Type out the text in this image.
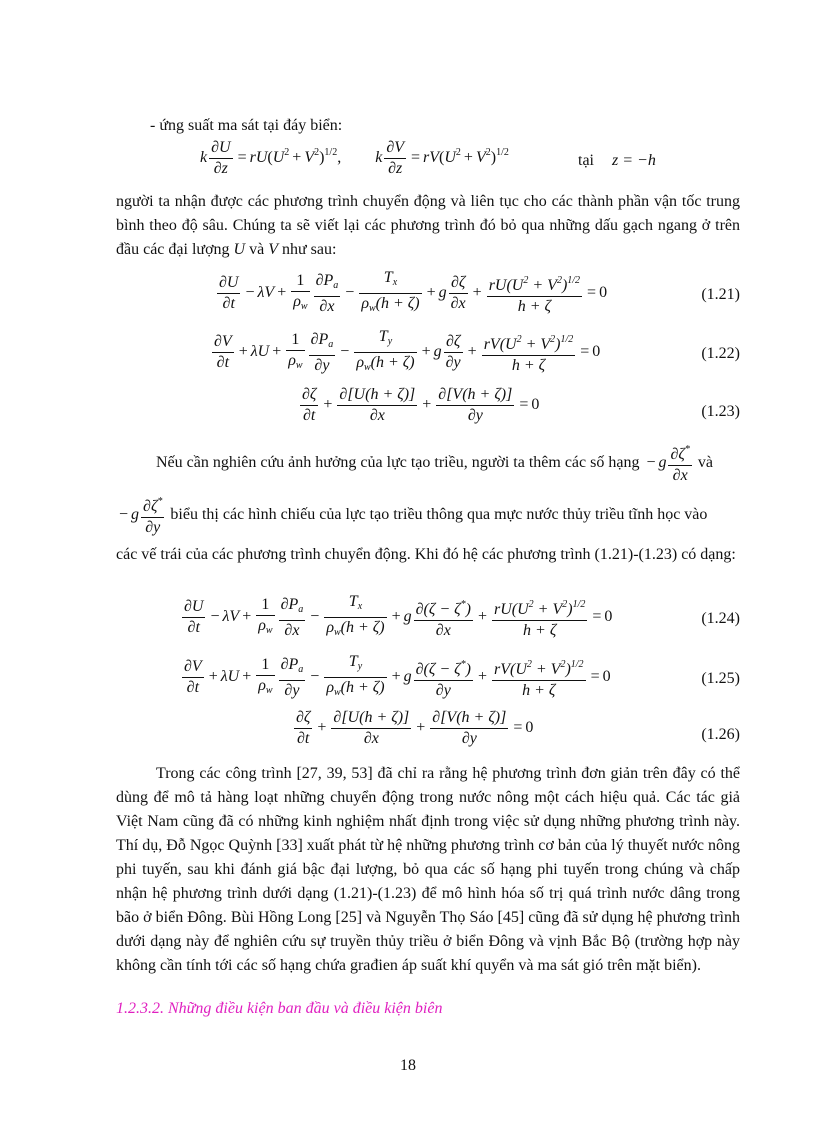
- ứng suất ma sát tại đáy biển:
k $\frac{\partial U}{\partial z} = rU(U^2 + V^2)^{1/2}$,  k $\frac{\partial V}{\partial z} = rV(U^2 + V^2)^{1/2}$	tại z = −h
người ta nhận được các phương trình chuyển động và liên tục cho các thành phần vận tốc trung bình theo độ sâu. Chúng ta sẽ viết lại các phương trình đó bỏ qua những dấu gạch ngang ở trên đầu các đại lượng U và V như sau:
$\frac{\partial U}{\partial t} - \lambda V + \frac{1}{\rho_w} \frac{\partial P_a}{\partial x} - \frac{T_x}{\rho_w(h + \zeta)} + g \frac{\partial\zeta}{\partial x} + \frac{rU(U^2 + V^2)^{1/2}}{h + \zeta} = 0$	(1.21)
$\frac{\partial V}{\partial t} + \lambda U + \frac{1}{\rho_w} \frac{\partial P_a}{\partial y} - \frac{T_y}{\rho_w(h + \zeta)} + g \frac{\partial\zeta}{\partial y} + \frac{rV(U^2 + V^2)^{1/2}}{h + \zeta} = 0$	(1.22)
$\frac{\partial\zeta}{\partial t} + \frac{\partial[U(h + \zeta)]}{\partial x} + \frac{\partial[V(h + \zeta)]}{\partial y} = 0$	(1.23)
Nếu cần nghiên cứu ảnh hưởng của lực tạo triều, người ta thêm các số hạng − g $\frac{\partial\zeta^*}{\partial x}$ và
− g $\frac{\partial\zeta^*}{\partial y}$ biểu thị các hình chiếu của lực tạo triều thông qua mực nước thủy triều tĩnh học vào
các vế trái của các phương trình chuyển động. Khi đó hệ các phương trình (1.21)-(1.23) có dạng:
$\frac{\partial U}{\partial t} - \lambda V + \frac{1}{\rho_w} \frac{\partial P_a}{\partial x} - \frac{T_x}{\rho_w(h + \zeta)} + g \frac{\partial(\zeta - \zeta^*)}{\partial x} + \frac{rU(U^2 + V^2)^{1/2}}{h + \zeta} = 0$	(1.24)
$\frac{\partial V}{\partial t} + \lambda U + \frac{1}{\rho_w} \frac{\partial P_a}{\partial y} - \frac{T_y}{\rho_w(h + \zeta)} + g \frac{\partial(\zeta - \zeta^*)}{\partial y} + \frac{rV(U^2 + V^2)^{1/2}}{h + \zeta} = 0$	(1.25)
$\frac{\partial\zeta}{\partial t} + \frac{\partial[U(h + \zeta)]}{\partial x} + \frac{\partial[V(h + \zeta)]}{\partial y} = 0$	(1.26)
Trong các công trình [27, 39, 53] đã chỉ ra rằng hệ phương trình đơn giản trên đây có thể dùng để mô tả hàng loạt những chuyển động trong nước nông một cách hiệu quả. Các tác giả Việt Nam cũng đã có những kinh nghiệm nhất định trong việc sử dụng những phương trình này. Thí dụ, Đỗ Ngọc Quỳnh [33] xuất phát từ hệ những phương trình cơ bản của lý thuyết nước nông phi tuyến, sau khi đánh giá bậc đại lượng, bỏ qua các số hạng phi tuyến trong chúng và chấp nhận hệ phương trình dưới dạng (1.21)-(1.23) để mô hình hóa số trị quá trình nước dâng trong bão ở biển Đông. Bùi Hồng Long [25] và Nguyễn Thọ Sáo [45] cũng đã sử dụng hệ phương trình dưới dạng này để nghiên cứu sự truyền thủy triều ở biển Đông và vịnh Bắc Bộ (trường hợp này không cần tính tới các số hạng chứa građien áp suất khí quyển và ma sát gió trên mặt biển).
1.2.3.2. Những điều kiện ban đầu và điều kiện biên
18
